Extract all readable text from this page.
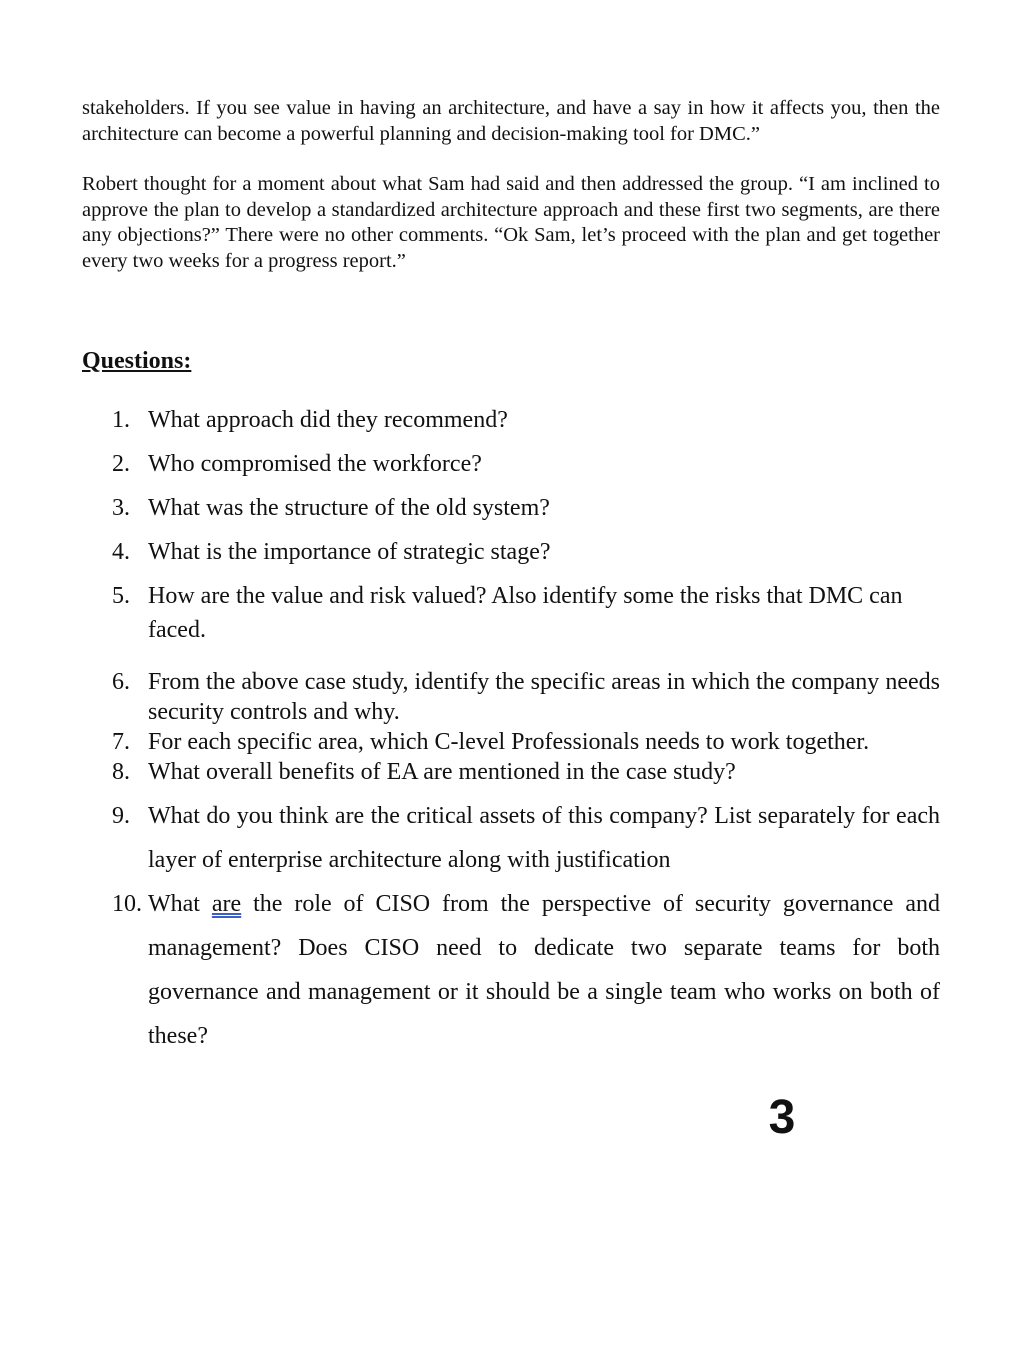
stakeholders. If you see value in having an architecture, and have a say in how it affects you, then the architecture can become a powerful planning and decision-making tool for DMC.”

Robert thought for a moment about what Sam had said and then addressed the group. “I am inclined to approve the plan to develop a standardized architecture approach and these first two segments, are there any objections?” There were no other comments. “Ok Sam, let’s proceed with the plan and get together every two weeks for a progress report.”

Questions:
1. What approach did they recommend?
2. Who compromised the workforce?
3. What was the structure of the old system?
4. What is the importance of strategic stage?
5. How are the value and risk valued? Also identify some the risks that DMC can faced.
6. From the above case study, identify the specific areas in which the company needs security controls and why.
7. For each specific area, which C-level Professionals needs to work together.
8. What overall benefits of EA are mentioned in the case study?
9. What do you think are the critical assets of this company? List separately for each layer of enterprise architecture along with justification
10. What are the role of CISO from the perspective of security governance and management? Does CISO need to dedicate two separate teams for both governance and management or it should be a single team who works on both of these?
3
